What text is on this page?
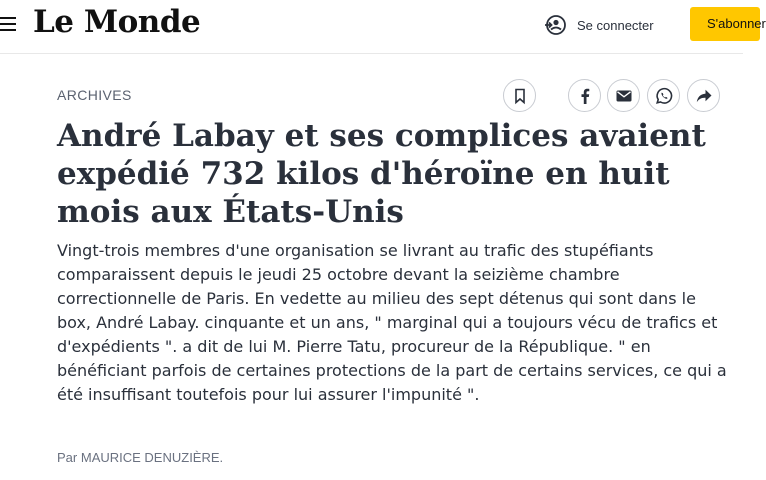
Le Monde	Se connecter	S'abonner
ARCHIVES
André Labay et ses complices avaient expédié 732 kilos d'héroïne en huit mois aux États-Unis

Vingt-trois membres d'une organisation se livrant au trafic des stupéfiants comparaissent depuis le jeudi 25 octobre devant la seizième chambre correctionnelle de Paris. En vedette au milieu des sept détenus qui sont dans le box, André Labay. cinquante et un ans, " marginal qui a toujours vécu de trafics et d'expédients ". a dit de lui M. Pierre Tatu, procureur de la République. " en bénéficiant parfois de certaines protections de la part de certains services, ce qui a été insuffisant toutefois pour lui assurer l'impunité ".

Par MAURICE DENUZIÈRE.
